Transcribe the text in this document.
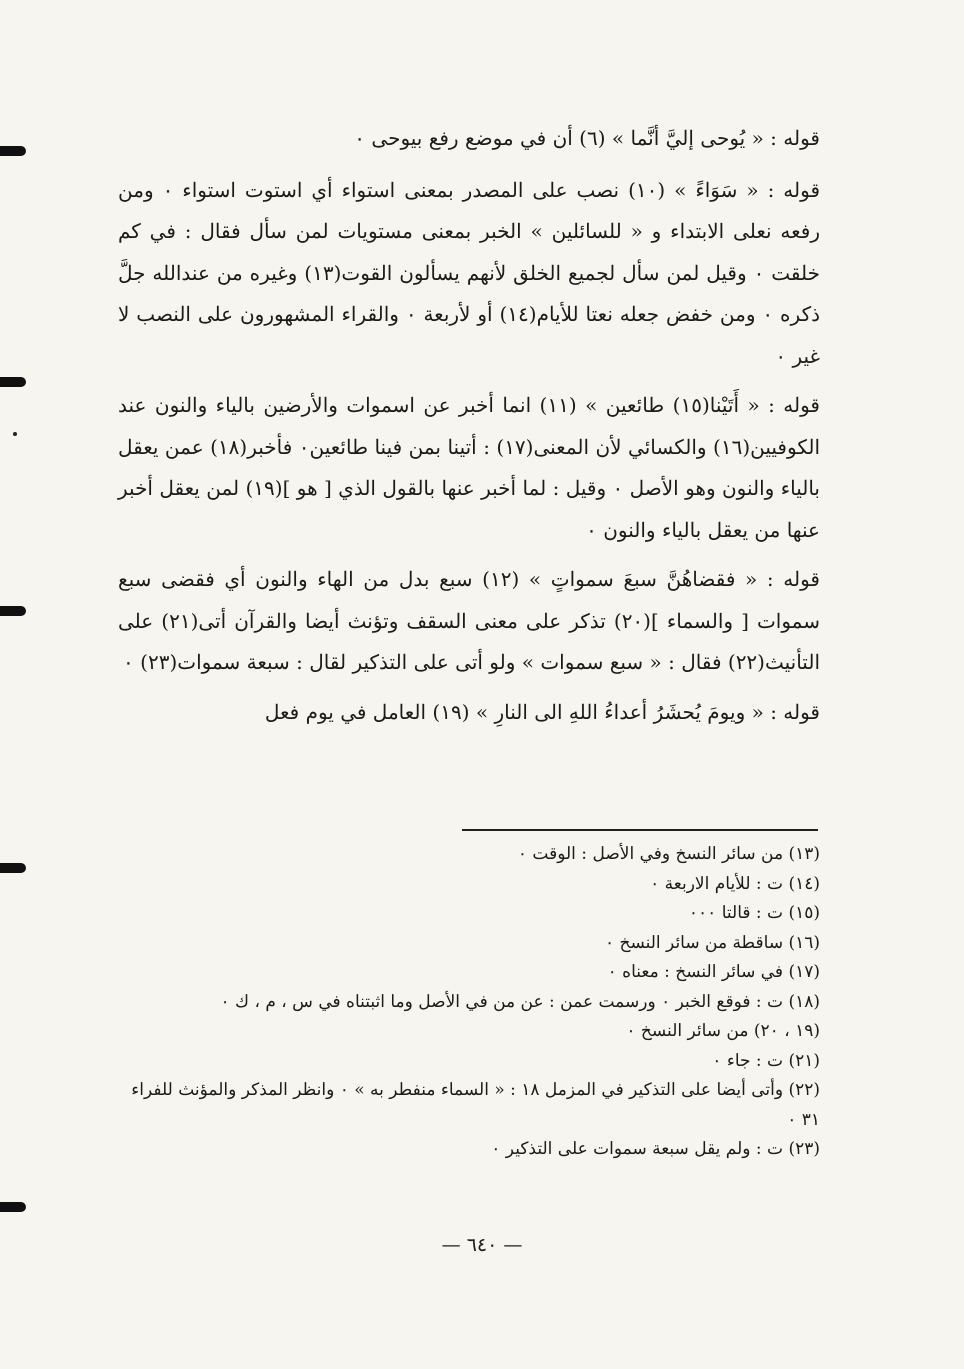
قوله : « يُوحى إليَّ أنَّما » (٦) أن في موضع رفع بيوحى ٠

قوله : « سَوَاءً » (١٠) نصب على المصدر بمعنى استواء أي استوت استواء ٠ ومن رفعه نعلى الابتداء و « للسائلين » الخبر بمعنى مستويات لمن سأل فقال : في كم خلقت ٠ وقيل لمن سأل لجميع الخلق لأنهم يسألون القوت(١٣) وغيره من عندالله جلَّ ذكره ٠ ومن خفض جعله نعتا للأيام(١٤) أو لأربعة ٠ والقراء المشهورون على النصب لا غير ٠

قوله : « أَتَيْنا(١٥) طائعين » (١١) انما أخبر عن اسموات والأرضين بالياء والنون عند الكوفيين(١٦) والكسائي لأن المعنى(١٧) : أتينا بمن فينا طائعين٠ فأخبر(١٨) عمن يعقل بالياء والنون وهو الأصل ٠ وقيل : لما أخبر عنها بالقول الذي [ هو ](١٩) لمن يعقل أخبر عنها من يعقل بالياء والنون ٠

قوله : « فقضاهُنَّ سبعَ سمواتٍ » (١٢) سبع بدل من الهاء والنون أي فقضى سبع سموات [ والسماء ](٢٠) تذكر على معنى السقف وتؤنث أيضا والقرآن أتى(٢١) على التأنيث(٢٢) فقال : « سبع سموات » ولو أتى على التذكير لقال : سبعة سموات(٢٣) ٠

قوله : « ويومَ يُحشَرُ أعداءُ اللهِ الى النارِ » (١٩) العامل في يوم فعل

(١٣) من سائر النسخ وفي الأصل : الوقت ٠

(١٤) ت : للأيام الاربعة ٠

(١٥) ت : قالتا ٠٠٠

(١٦) ساقطة من سائر النسخ ٠

(١٧) في سائر النسخ : معناه ٠

(١٨) ت : فوقع الخبر ٠ ورسمت عمن : عن من في الأصل وما اثبتناه في س ، م ، ك ٠

(١٩ ، ٢٠) من سائر النسخ ٠

(٢١) ت : جاء ٠

(٢٢) وأتى أيضا على التذكير في المزمل ١٨ : « السماء منفطر به » ٠ وانظر المذكر والمؤنث للفراء ٣١ ٠

(٢٣) ت : ولم يقل سبعة سموات على التذكير ٠

— ٦٤٠ —
